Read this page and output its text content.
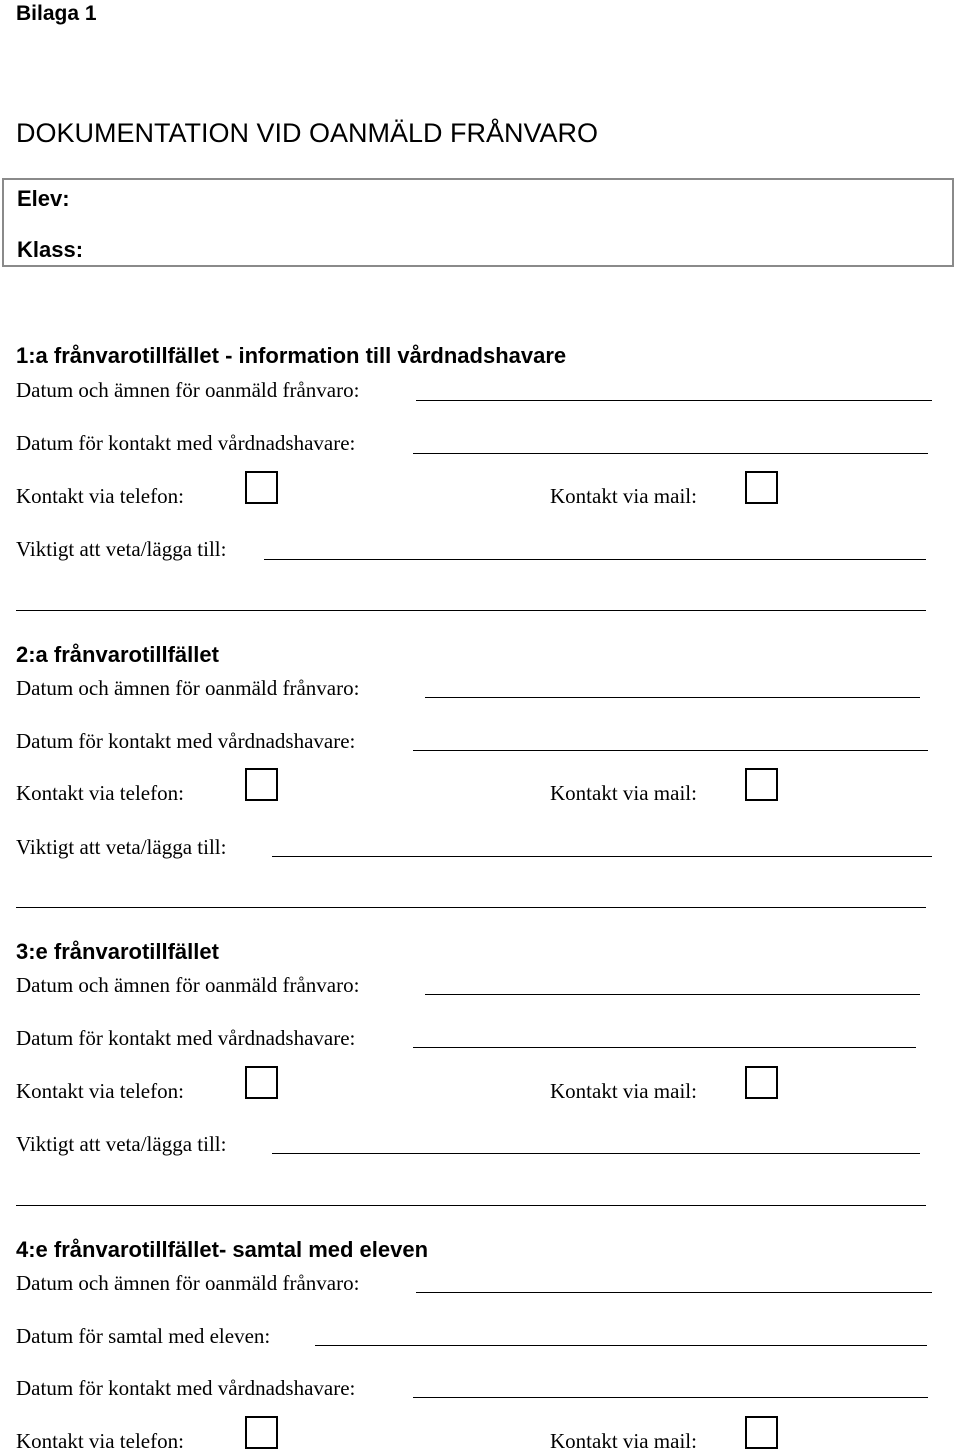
Bilaga 1
DOKUMENTATION VID OANMÄLD FRÅNVARO
Elev:
Klass:
1:a frånvarotillfället - information till vårdnadshavare
Datum och ämnen för oanmäld frånvaro:
Datum för kontakt med vårdnadshavare:
Kontakt via telefon:	Kontakt via mail:
Viktigt att veta/lägga till:
2:a frånvarotillfället
Datum och ämnen för oanmäld frånvaro:
Datum för kontakt med vårdnadshavare:
Kontakt via telefon:	Kontakt via mail:
Viktigt att veta/lägga till:
3:e frånvarotillfället
Datum och ämnen för oanmäld frånvaro:
Datum för kontakt med vårdnadshavare:
Kontakt via telefon:	Kontakt via mail:
Viktigt att veta/lägga till:
4:e frånvarotillfället- samtal med eleven
Datum och ämnen för oanmäld frånvaro:
Datum för samtal med eleven:
Datum för kontakt med vårdnadshavare:
Kontakt via telefon:	Kontakt via mail:
